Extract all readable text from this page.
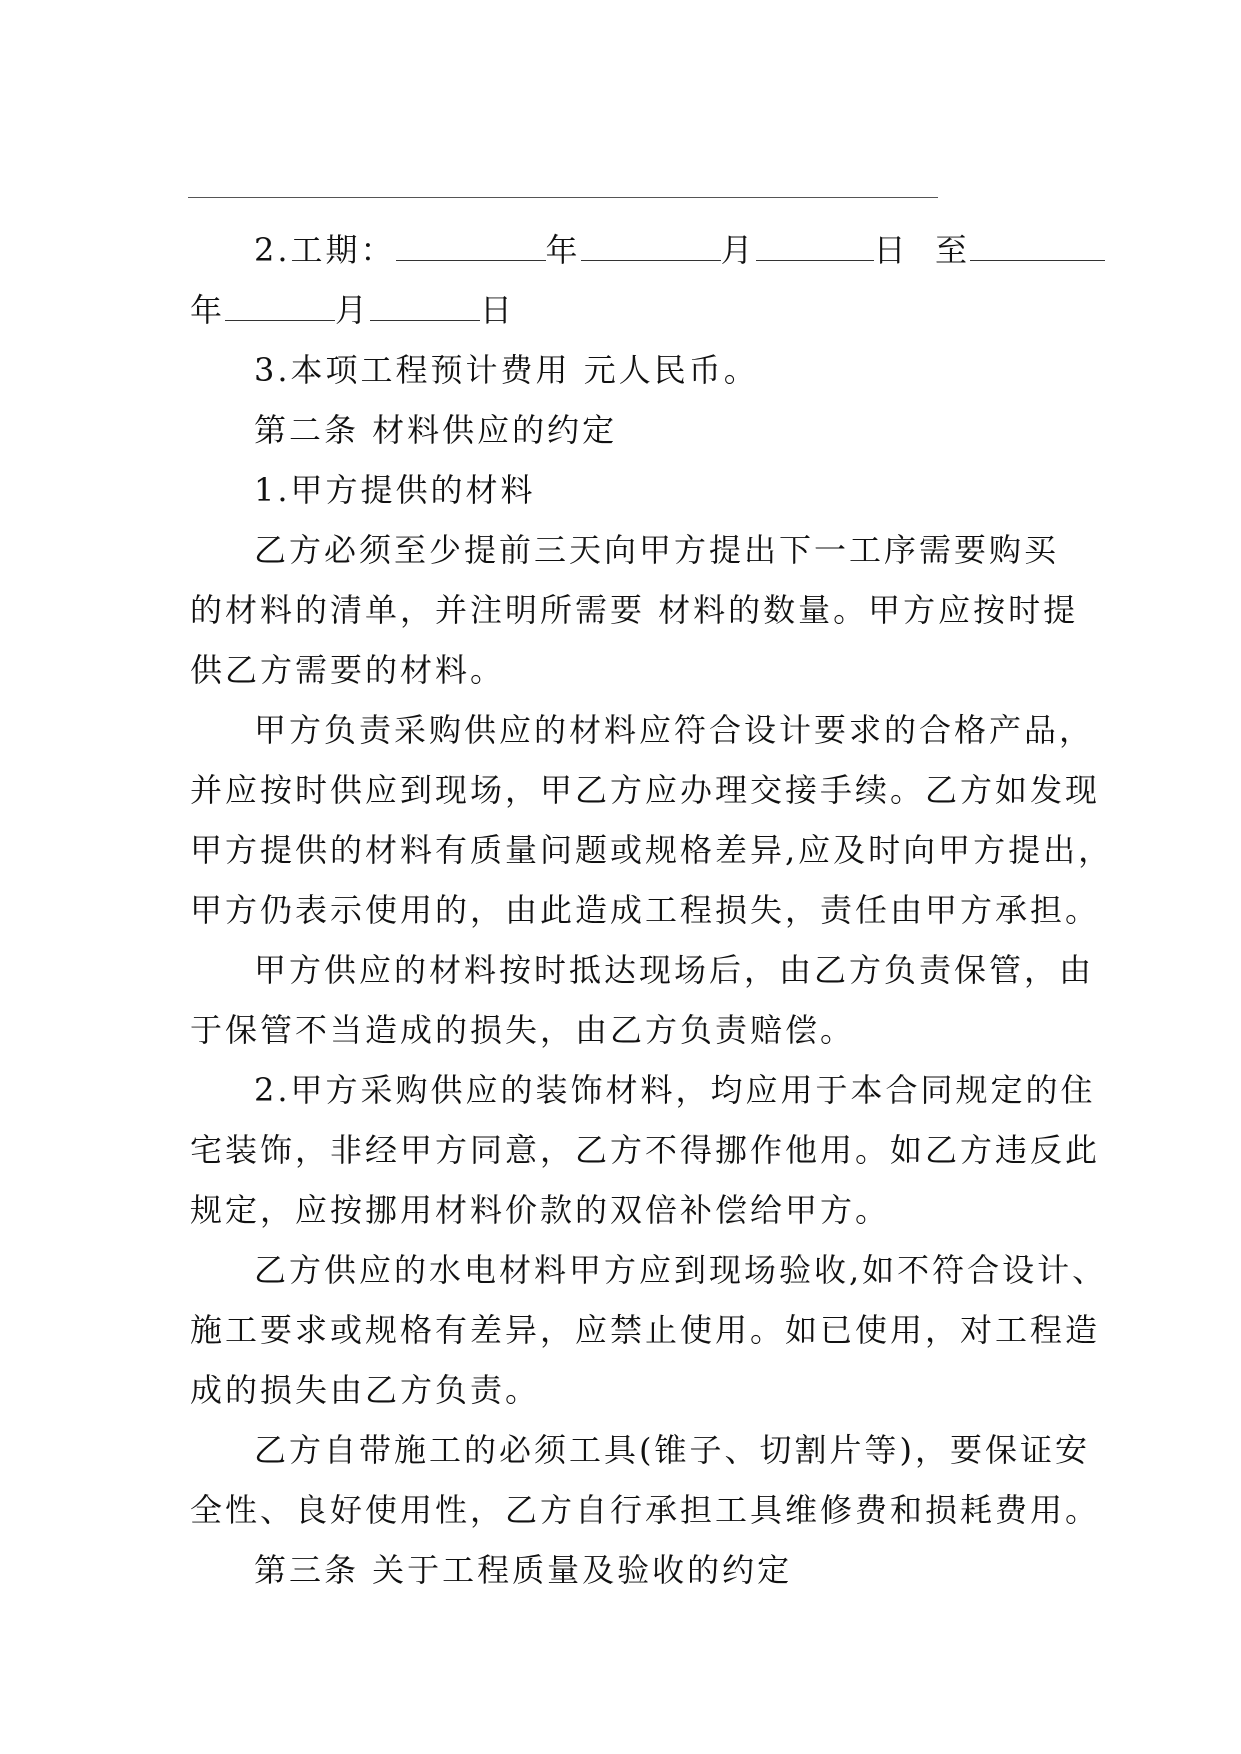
2.工期：	年	月	日 至
年	月	日
3.本项工程预计费用 元人民币。
第二条 材料供应的约定
1.甲方提供的材料
乙方必须至少提前三天向甲方提出下一工序需要购买
的材料的清单，并注明所需要 材料的数量。甲方应按时提
供乙方需要的材料。
甲方负责采购供应的材料应符合设计要求的合格产品，
并应按时供应到现场，甲乙方应办理交接手续。乙方如发现
甲方提供的材料有质量问题或规格差异,应及时向甲方提出，
甲方仍表示使用的，由此造成工程损失，责任由甲方承担。
甲方供应的材料按时抵达现场后，由乙方负责保管，由
于保管不当造成的损失，由乙方负责赔偿。
2.甲方采购供应的装饰材料，均应用于本合同规定的住
宅装饰，非经甲方同意，乙方不得挪作他用。如乙方违反此
规定，应按挪用材料价款的双倍补偿给甲方。
乙方供应的水电材料甲方应到现场验收,如不符合设计、
施工要求或规格有差异，应禁止使用。如已使用，对工程造
成的损失由乙方负责。
乙方自带施工的必须工具(锥子、切割片等)，要保证安
全性、良好使用性，乙方自行承担工具维修费和损耗费用。
第三条 关于工程质量及验收的约定
